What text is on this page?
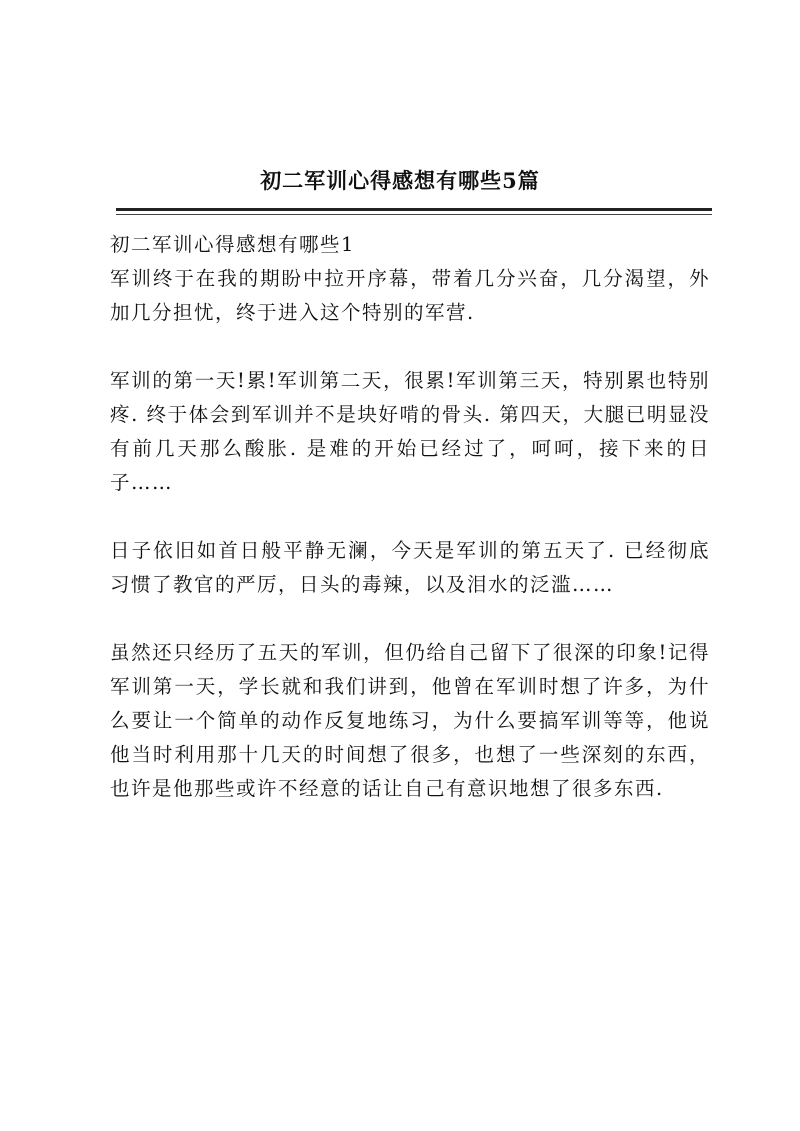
初二军训心得感想有哪些5篇
初二军训心得感想有哪些1

军训终于在我的期盼中拉开序幕，带着几分兴奋，几分渴望，外加几分担忧，终于进入这个特别的军营.

军训的第一天!累!军训第二天，很累!军训第三天，特别累也特别疼. 终于体会到军训并不是块好啃的骨头. 第四天，大腿已明显没有前几天那么酸胀. 是难的开始已经过了，呵呵，接下来的日子……

日子依旧如首日般平静无澜，今天是军训的第五天了. 已经彻底习惯了教官的严厉，日头的毒辣，以及泪水的泛滥……

虽然还只经历了五天的军训，但仍给自己留下了很深的印象!记得军训第一天，学长就和我们讲到，他曾在军训时想了许多，为什么要让一个简单的动作反复地练习，为什么要搞军训等等，他说他当时利用那十几天的时间想了很多，也想了一些深刻的东西，也许是他那些或许不经意的话让自己有意识地想了很多东西.
